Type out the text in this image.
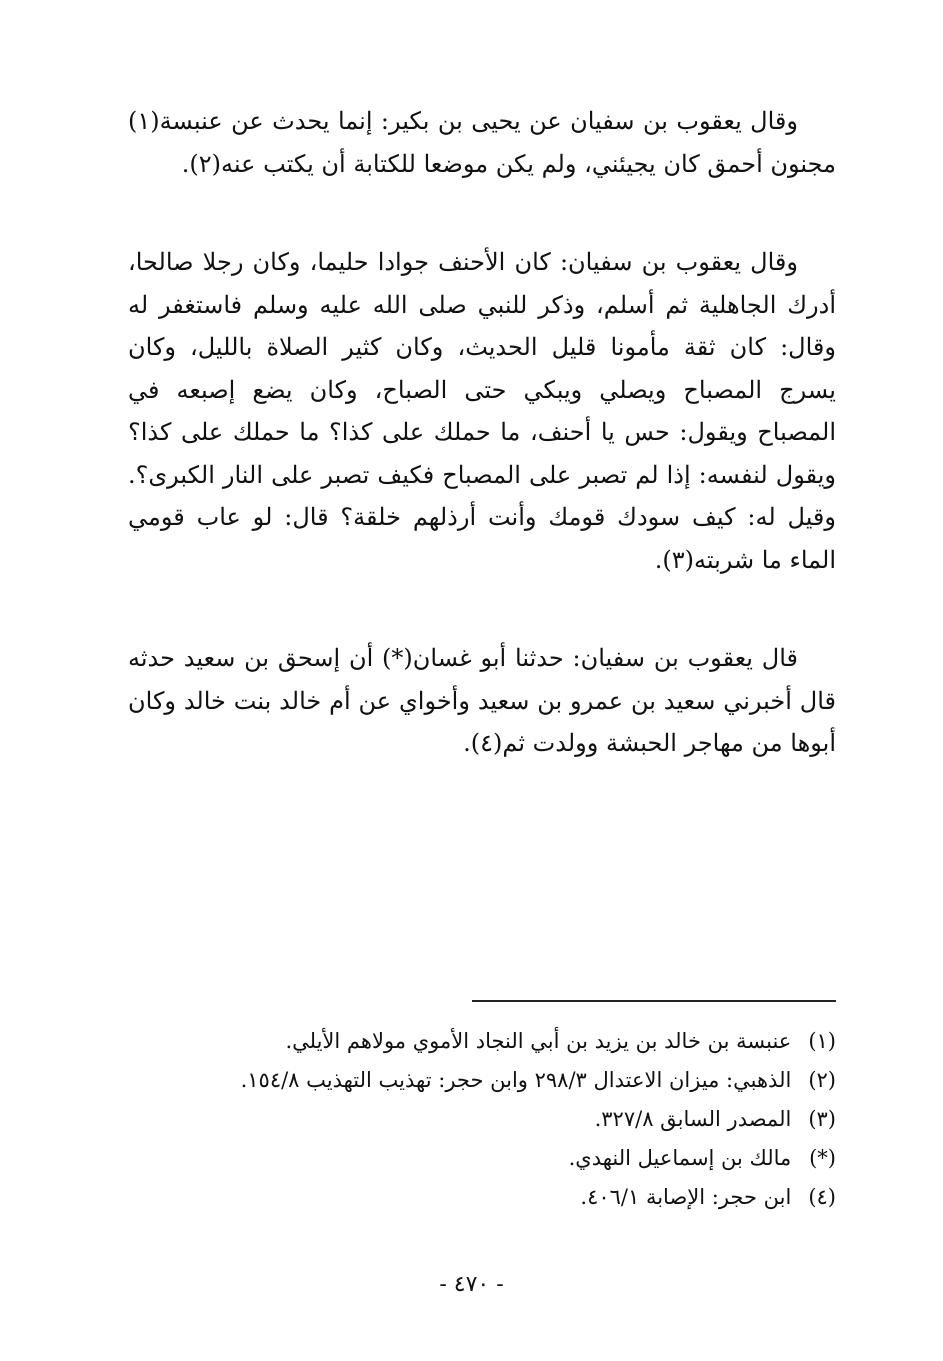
وقال يعقوب بن سفيان عن يحيى بن بكير: إنما يحدث عن عنبسة(١) مجنون أحمق كان يجيئني، ولم يكن موضعا للكتابة أن يكتب عنه(٢).

وقال يعقوب بن سفيان: كان الأحنف جوادا حليما، وكان رجلا صالحا، أدرك الجاهلية ثم أسلم، وذكر للنبي صلى الله عليه وسلم فاستغفر له وقال: كان ثقة مأمونا قليل الحديث، وكان كثير الصلاة بالليل، وكان يسرج المصباح ويصلي ويبكي حتى الصباح، وكان يضع إصبعه في المصباح ويقول: حس يا أحنف، ما حملك على كذا؟ ما حملك على كذا؟ ويقول لنفسه: إذا لم تصبر على المصباح فكيف تصبر على النار الكبرى؟. وقيل له: كيف سودك قومك وأنت أرذلهم خلقة؟ قال: لو عاب قومي الماء ما شربته(٣).

قال يعقوب بن سفيان: حدثنا أبو غسان(*) أن إسحق بن سعيد حدثه قال أخبرني سعيد بن عمرو بن سعيد وأخواي عن أم خالد بنت خالد وكان أبوها من مهاجر الحبشة وولدت ثم(٤).

(١) عنبسة بن خالد بن يزيد بن أبي النجاد الأموي مولاهم الأيلي.
(٢) الذهبي: ميزان الاعتدال ٢٩٨/٣ وابن حجر: تهذيب التهذيب ١٥٤/٨.
(٣) المصدر السابق ٣٢٧/٨.
(*) مالك بن إسماعيل النهدي.
(٤) ابن حجر: الإصابة ٤٠٦/١.
- ٤٧٠ -
